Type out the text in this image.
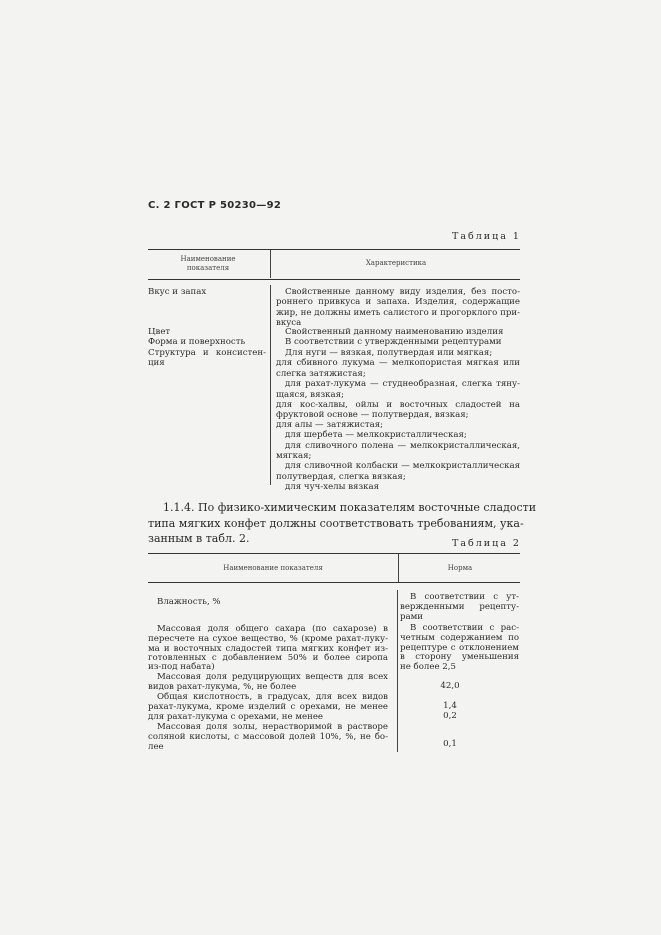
С. 2 ГОСТ Р 50230—92
Таблица 1
Наименование показателя
Характеристика
Вкус и запах
Цвет
Форма и поверхность
Структура и консистен-
ция
Свойственные данному виду изделия, без посто-
роннего привкуса и запаха. Изделия, содержащие
жир, не должны иметь салистого и прогорклого при-
вкуса
Свойственный данному наименованию изделия
В соответствии с утвержденными рецептурами
Для нуги — вязкая, полутвердая или мягкая;
для сбивного лукума — мелкопористая мягкая или
слегка затяжистая;
для рахат-лукума — студнеобразная, слегка тяну-
щаяся, вязкая;
для кос-халвы, ойлы и восточных сладостей на
фруктовой основе — полутвердая, вязкая;
для алы — затяжистая;
для шербета — мелкокристаллическая;
для сливочного полена — мелкокристаллическая,
мягкая;
для сливочной колбаски — мелкокристаллическая
полутвердая, слегка вязкая;
для чуч-хелы вязкая
1.1.4. По физико-химическим показателям восточные сладости
типа мягких конфет должны соответствовать требованиям, ука-
занным в табл. 2.	Таблица 2
Наименование показателя	Норма
Влажность, %
Массовая доля общего сахара (по сахарозе) в
пересчете на сухое вещество, % (кроме рахат-луку-
ма и восточных сладостей типа мягких конфет из-
готовленных с добавлением 50% и более сиропа
из-под набата)
Массовая доля редуцирующих веществ для всех
видов рахат-лукума, %, не более
Общая кислотность, в градусах, для всех видов
рахат-лукума, кроме изделий с орехами, не менее
для рахат-лукума с орехами, не менее
Массовая доля золы, нерастворимой в растворе
соляной кислоты, с массовой долей 10%, %, не бо-
лее
В соответствии с ут-
вержденными рецепту-
рами
В соответствии с рас-
четным содержанием по
рецептуре с отклонением
в сторону уменьшения
не более 2,5
42,0
1,4
0,2
0,1
